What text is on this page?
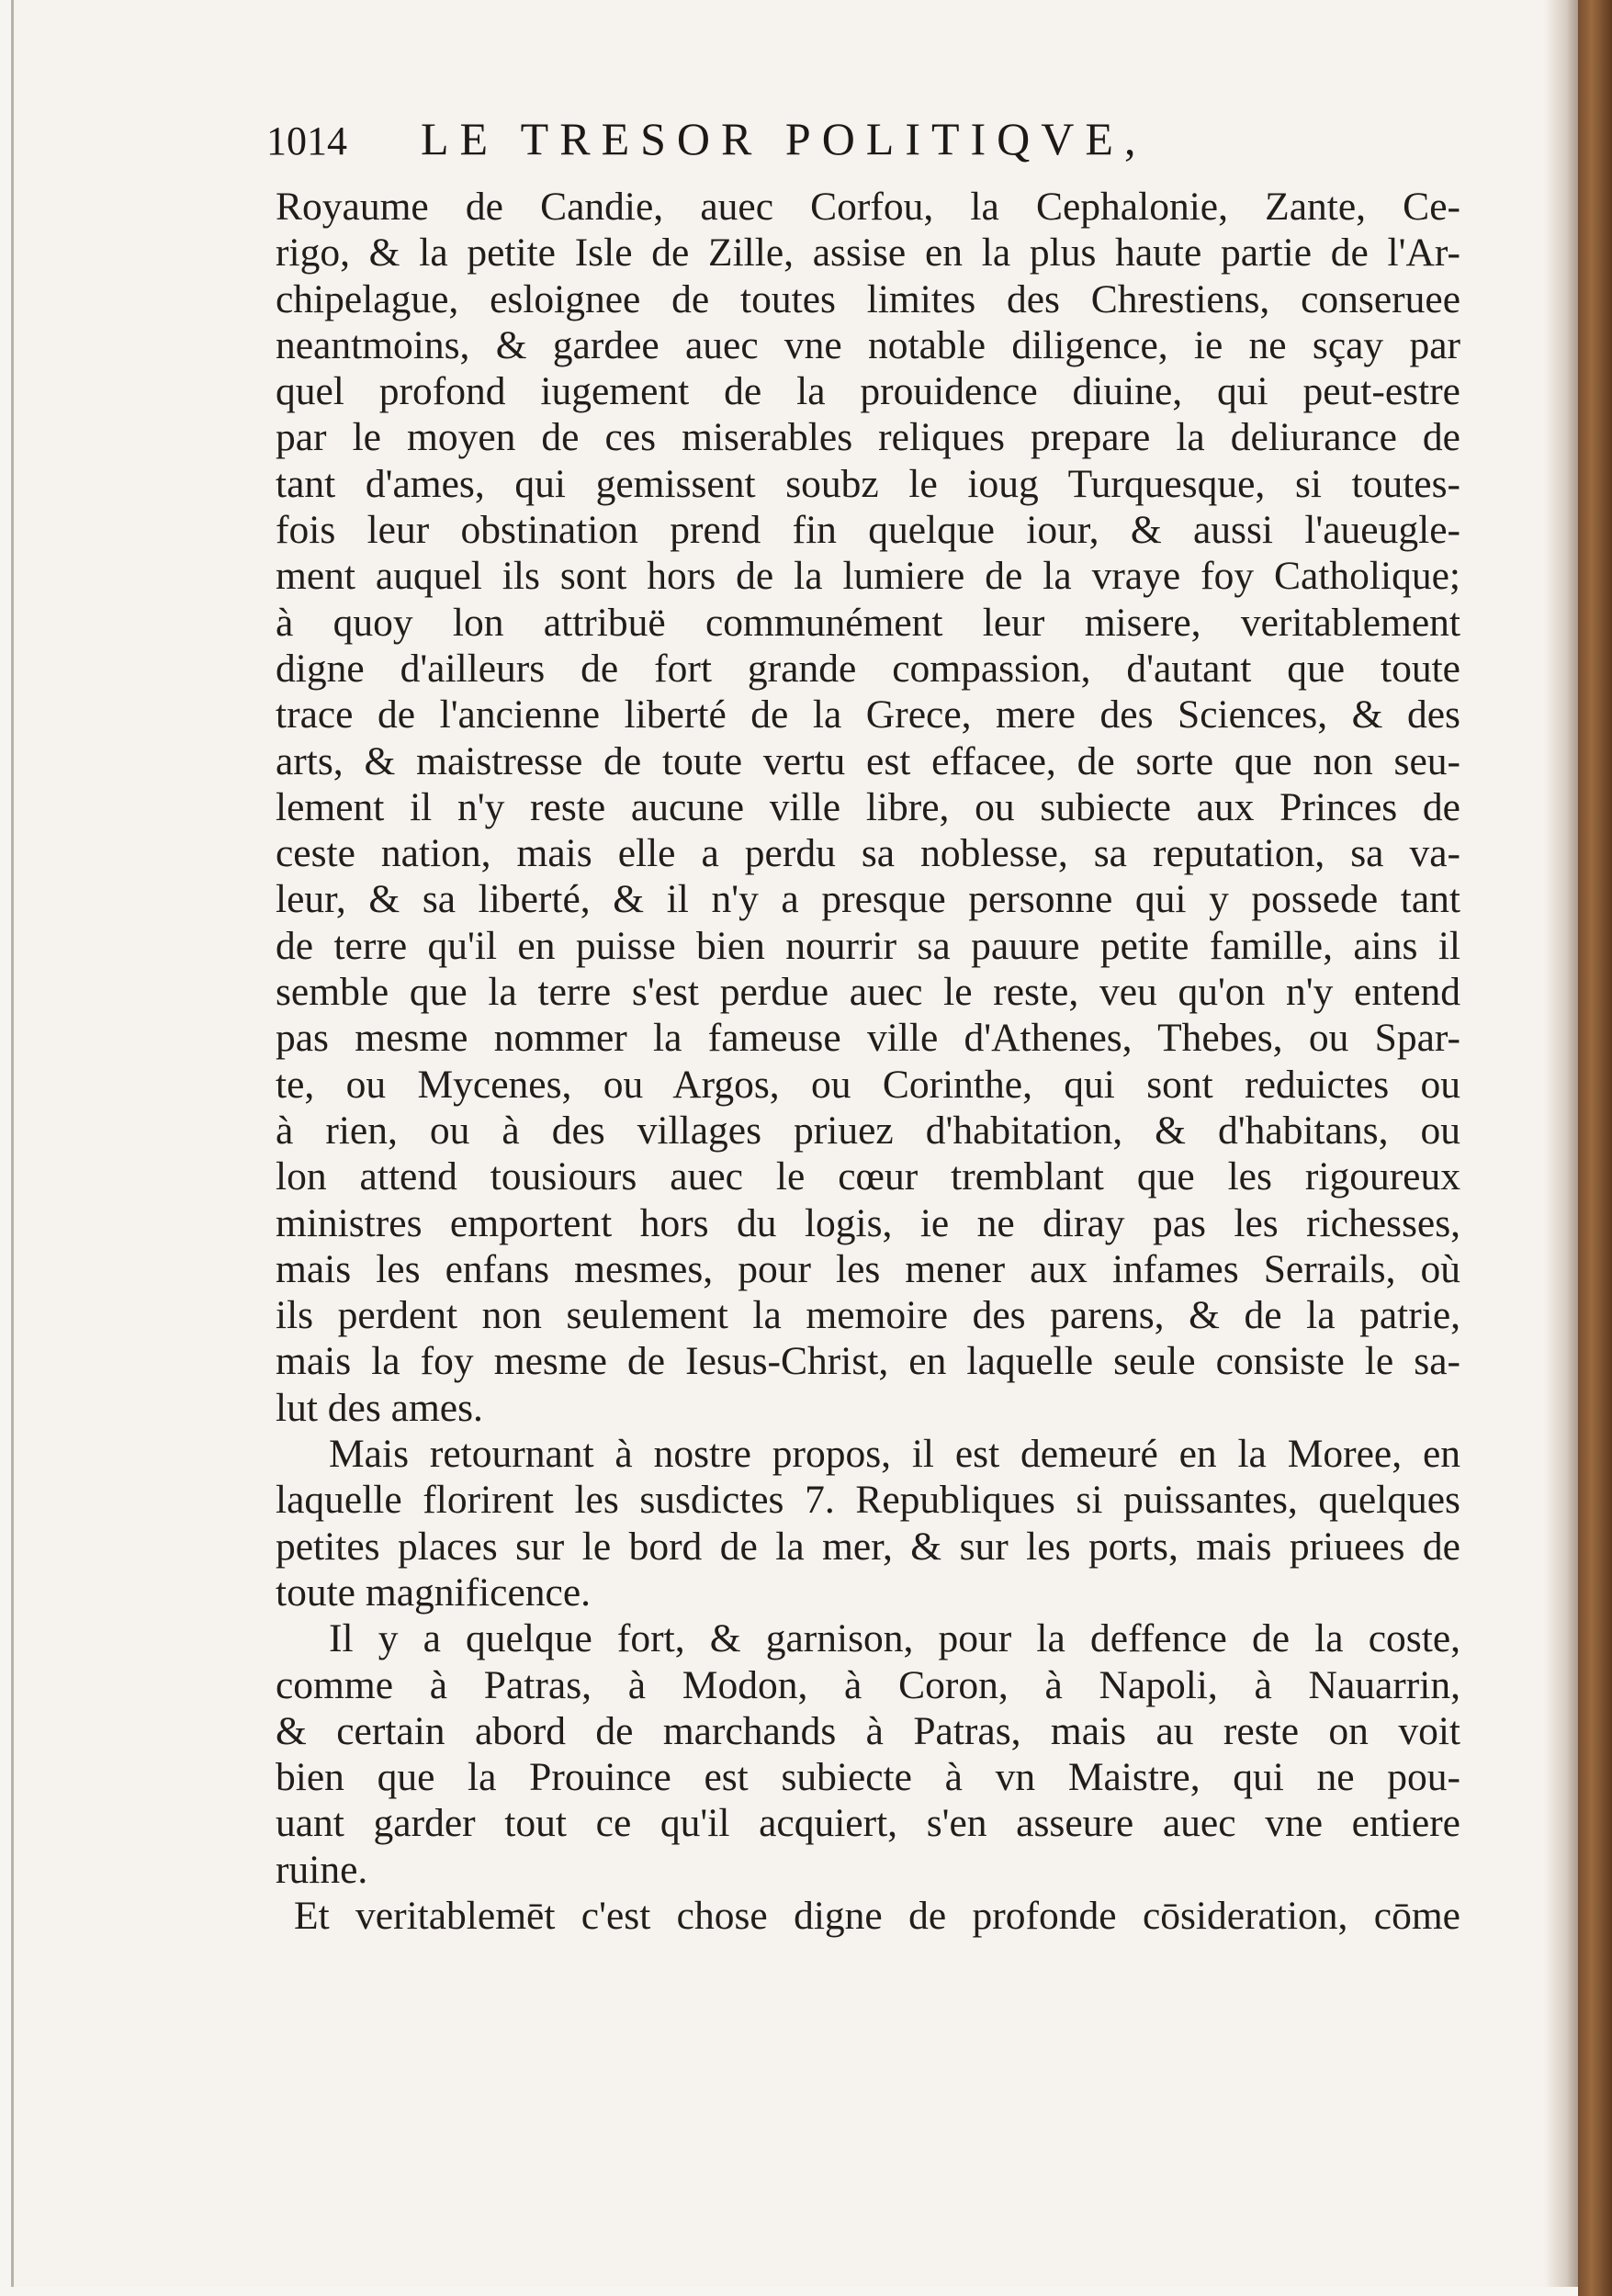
1014 LE TRESOR POLITIQVE,
Royaume de Candie, auec Corfou, la Cephalonie, Zante, Ce-
rigo, & la petite Isle de Zille, assise en la plus haute partie de l'Ar-
chipelague, esloignee de toutes limites des Chrestiens, conseruee
neantmoins, & gardee auec vne notable diligence, ie ne sçay par
quel profond iugement de la prouidence diuine, qui peut-estre
par le moyen de ces miserables reliques prepare la deliurance de
tant d'ames, qui gemissent soubz le ioug Turquesque, si toutes-
fois leur obstination prend fin quelque iour, & aussi l'aueugle-
ment auquel ils sont hors de la lumiere de la vraye foy Catholique;
à quoy lon attribuë communément leur misere, veritablement
digne d'ailleurs de fort grande compassion, d'autant que toute
trace de l'ancienne liberté de la Grece, mere des Sciences, & des
arts, & maistresse de toute vertu est effacee, de sorte que non seu-
lement il n'y reste aucune ville libre, ou subiecte aux Princes de
ceste nation, mais elle a perdu sa noblesse, sa reputation, sa va-
leur, & sa liberté, & il n'y a presque personne qui y possede tant
de terre qu'il en puisse bien nourrir sa pauure petite famille, ains il
semble que la terre s'est perdue auec le reste, veu qu'on n'y entend
pas mesme nommer la fameuse ville d'Athenes, Thebes, ou Spar-
te, ou Mycenes, ou Argos, ou Corinthe, qui sont reduictes ou
à rien, ou à des villages priuez d'habitation, & d'habitans, ou
lon attend tousiours auec le cœur tremblant que les rigoureux
ministres emportent hors du logis, ie ne diray pas les richesses,
mais les enfans mesmes, pour les mener aux infames Serrails, où
ils perdent non seulement la memoire des parens, & de la patrie,
mais la foy mesme de Iesus-Christ, en laquelle seule consiste le sa-
lut des ames.
Mais retournant à nostre propos, il est demeuré en la Moree, en
laquelle florirent les susdictes 7. Republiques si puissantes, quelques
petites places sur le bord de la mer, & sur les ports, mais priuees de
toute magnificence.
Il y a quelque fort, & garnison, pour la deffence de la coste,
comme à Patras, à Modon, à Coron, à Napoli, à Nauarrin,
& certain abord de marchands à Patras, mais au reste on voit
bien que la Prouince est subiecte à vn Maistre, qui ne pou-
uant garder tout ce qu'il acquiert, s'en asseure auec vne entiere
ruine.
Et veritablemēt c'est chose digne de profonde cōsideration, cōme
